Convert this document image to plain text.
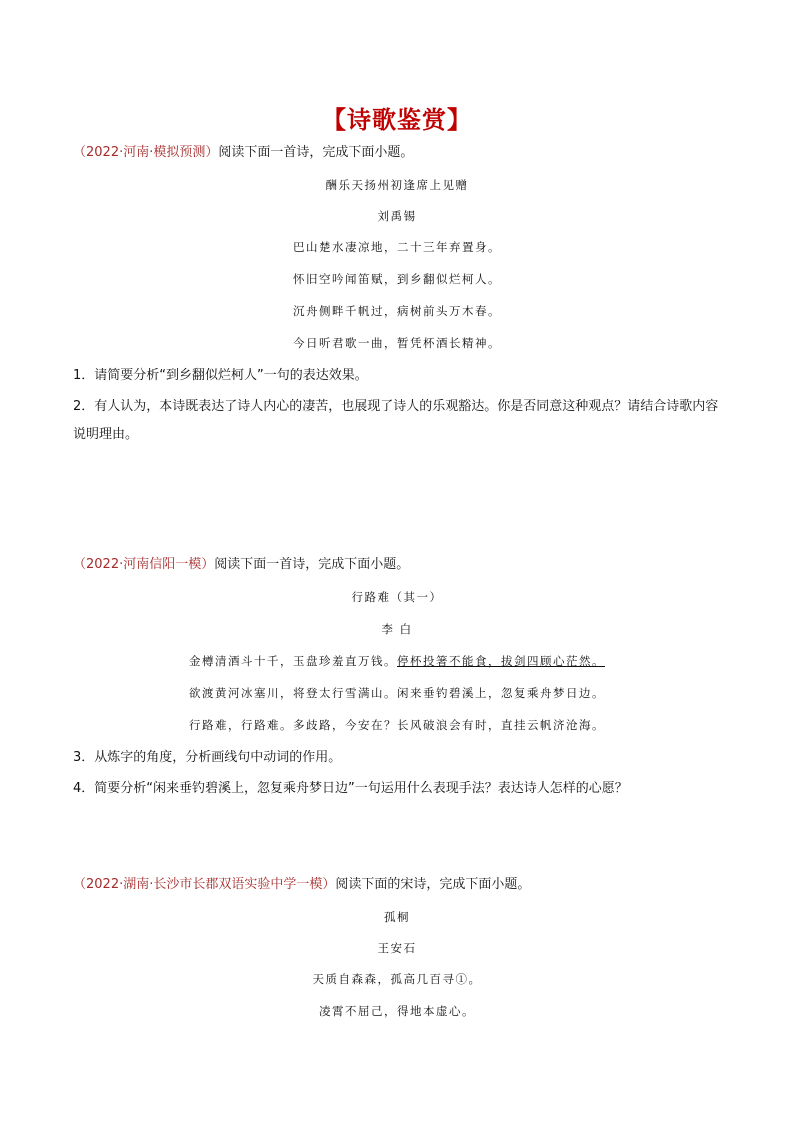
【诗歌鉴赏】
（2022·河南·模拟预测）阅读下面一首诗，完成下面小题。
酬乐天扬州初逢席上见赠
刘禹锡
巴山楚水凄凉地，二十三年弃置身。
怀旧空吟闻笛赋，到乡翻似烂柯人。
沉舟侧畔千帆过，病树前头万木春。
今日听君歌一曲，暂凭杯酒长精神。
1．请简要分析“到乡翻似烂柯人”一句的表达效果。
2．有人认为，本诗既表达了诗人内心的凄苦，也展现了诗人的乐观豁达。你是否同意这种观点？请结合诗歌内容说明理由。
（2022·河南信阳一模）阅读下面一首诗，完成下面小题。
行路难（其一）
李 白
金樽清酒斗十千，玉盘珍羞直万钱。停杯投箸不能食，拔剑四顾心茫然。
欲渡黄河冰塞川，将登太行雪满山。闲来垂钓碧溪上，忽复乘舟梦日边。
行路难，行路难。多歧路，今安在？长风破浪会有时，直挂云帆济沧海。
3．从炼字的角度，分析画线句中动词的作用。
4．简要分析“闲来垂钓碧溪上，忽复乘舟梦日边”一句运用什么表现手法？表达诗人怎样的心愿？
（2022·湖南·长沙市长郡双语实验中学一模）阅读下面的宋诗，完成下面小题。
孤桐
王安石
天质自森森，孤高几百寻①。
凌霄不屈己，得地本虚心。
